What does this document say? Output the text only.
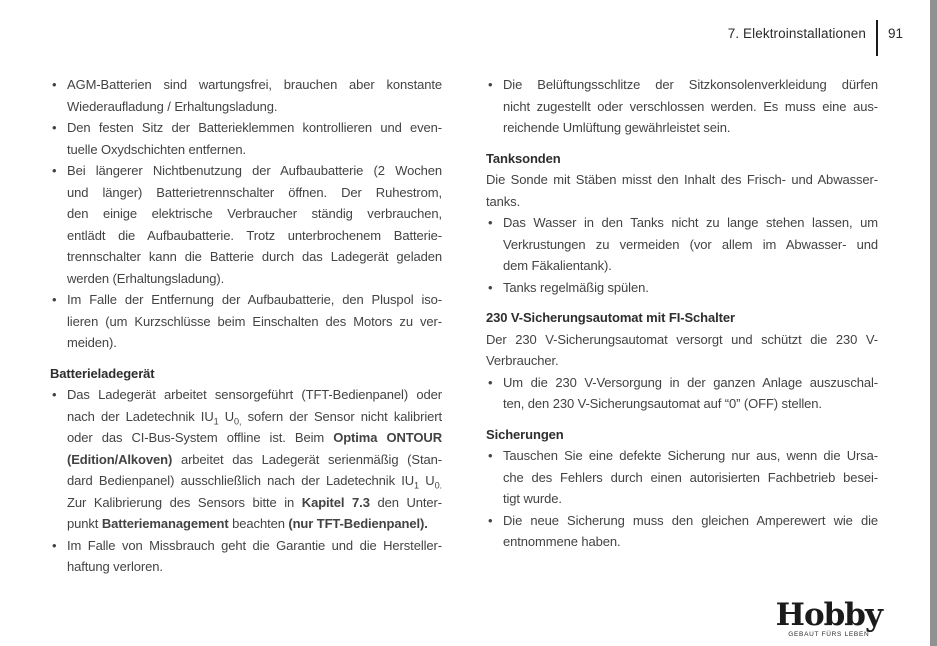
7. Elektroinstallationen 91
• AGM-Batterien sind wartungsfrei, brauchen aber konstante
Wiederaufladung / Erhaltungsladung.
• Den festen Sitz der Batterieklemmen kontrollieren und even-
tuelle Oxydschichten entfernen.
• Bei längerer Nichtbenutzung der Aufbaubatterie (2 Wochen
und länger) Batterietrennschalter öffnen. Der Ruhestrom,
den einige elektrische Verbraucher ständig verbrauchen,
entlädt die Aufbaubatterie. Trotz unterbrochenem Batterie-
trennschalter kann die Batterie durch das Ladegerät geladen
werden (Erhaltungsladung).
• Im Falle der Entfernung der Aufbaubatterie, den Pluspol iso-
lieren (um Kurzschlüsse beim Einschalten des Motors zu ver-
meiden).
Batterieladegerät
• Das Ladegerät arbeitet sensorgeführt (TFT-Bedienpanel) oder
nach der Ladetechnik $IU_1$ $U_{0,}$ sofern der Sensor nicht kalibriert
oder das CI-Bus-System offline ist. Beim Optima ONTOUR
(Edition/Alkoven) arbeitet das Ladegerät serienmäßig (Stan-
dard Bedienpanel) ausschließlich nach der Ladetechnik $IU_1$ $U_{0.}$
Zur Kalibrierung des Sensors bitte in Kapitel 7.3 den Unter-
punkt Batteriemanagement beachten (nur TFT-Bedienpanel).
• Im Falle von Missbrauch geht die Garantie und die Hersteller-
haftung verloren.
• Die Belüftungsschlitze der Sitzkonsolenverkleidung dürfen
nicht zugestellt oder verschlossen werden. Es muss eine aus-
reichende Umlüftung gewährleistet sein.
Tanksonden
Die Sonde mit Stäben misst den Inhalt des Frisch- und Abwasser-
tanks.
• Das Wasser in den Tanks nicht zu lange stehen lassen, um
Verkrustungen zu vermeiden (vor allem im Abwasser- und
dem Fäkalientank).
• Tanks regelmäßig spülen.
230 V-Sicherungsautomat mit FI-Schalter
Der 230 V-Sicherungsautomat versorgt und schützt die 230 V-
Verbraucher.
• Um die 230 V-Versorgung in der ganzen Anlage auszuschal-
ten, den 230 V-Sicherungsautomat auf “0” (OFF) stellen.
Sicherungen
• Tauschen Sie eine defekte Sicherung nur aus, wenn die Ursa-
che des Fehlers durch einen autorisierten Fachbetrieb besei-
tigt wurde.
• Die neue Sicherung muss den gleichen Amperewert wie die
entnommene haben.
Hobby
GEBAUT FÜRS LEBEN
